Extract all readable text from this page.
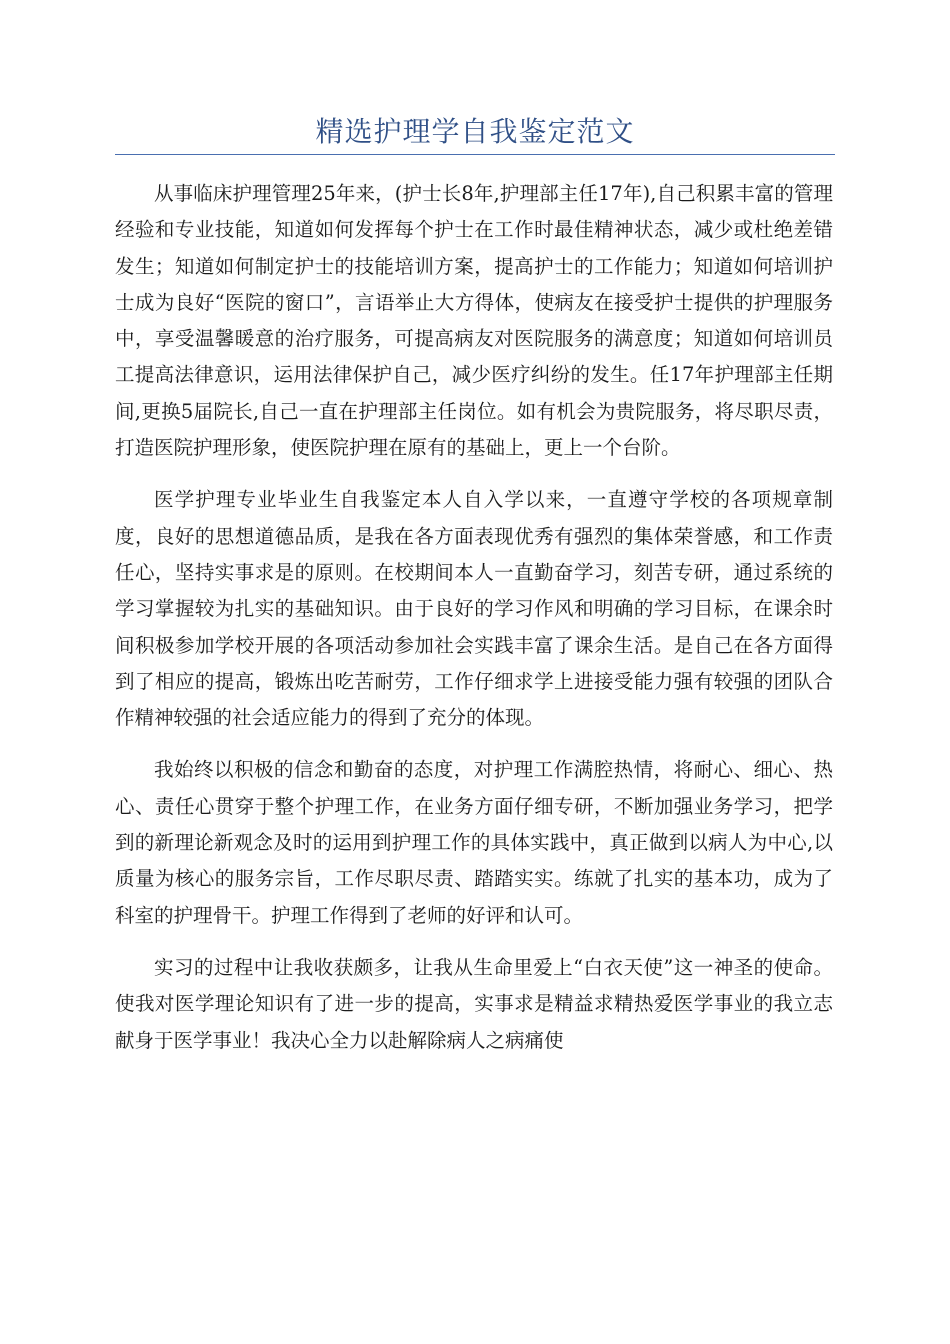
精选护理学自我鉴定范文

从事临床护理管理25年来，(护士长8年,护理部主任17年),自己积累丰富的管理经验和专业技能，知道如何发挥每个护士在工作时最佳精神状态，减少或杜绝差错发生；知道如何制定护士的技能培训方案，提高护士的工作能力；知道如何培训护士成为良好“医院的窗口”，言语举止大方得体，使病友在接受护士提供的护理服务中，享受温馨暖意的治疗服务，可提高病友对医院服务的满意度；知道如何培训员工提高法律意识，运用法律保护自己，减少医疗纠纷的发生。任17年护理部主任期间,更换5届院长,自己一直在护理部主任岗位。如有机会为贵院服务，将尽职尽责，打造医院护理形象，使医院护理在原有的基础上，更上一个台阶。

医学护理专业毕业生自我鉴定本人自入学以来，一直遵守学校的各项规章制度，良好的思想道德品质，是我在各方面表现优秀有强烈的集体荣誉感，和工作责任心，坚持实事求是的原则。在校期间本人一直勤奋学习，刻苦专研，通过系统的学习掌握较为扎实的基础知识。由于良好的学习作风和明确的学习目标，在课余时间积极参加学校开展的各项活动参加社会实践丰富了课余生活。是自己在各方面得到了相应的提高，锻炼出吃苦耐劳，工作仔细求学上进接受能力强有较强的团队合作精神较强的社会适应能力的得到了充分的体现。

我始终以积极的信念和勤奋的态度，对护理工作满腔热情，将耐心、细心、热心、责任心贯穿于整个护理工作，在业务方面仔细专研，不断加强业务学习，把学到的新理论新观念及时的运用到护理工作的具体实践中，真正做到以病人为中心,以质量为核心的服务宗旨，工作尽职尽责、踏踏实实。练就了扎实的基本功，成为了科室的护理骨干。护理工作得到了老师的好评和认可。

实习的过程中让我收获颇多，让我从生命里爱上“白衣天使”这一神圣的使命。使我对医学理论知识有了进一步的提高，实事求是精益求精热爱医学事业的我立志献身于医学事业！我决心全力以赴解除病人之病痛使
